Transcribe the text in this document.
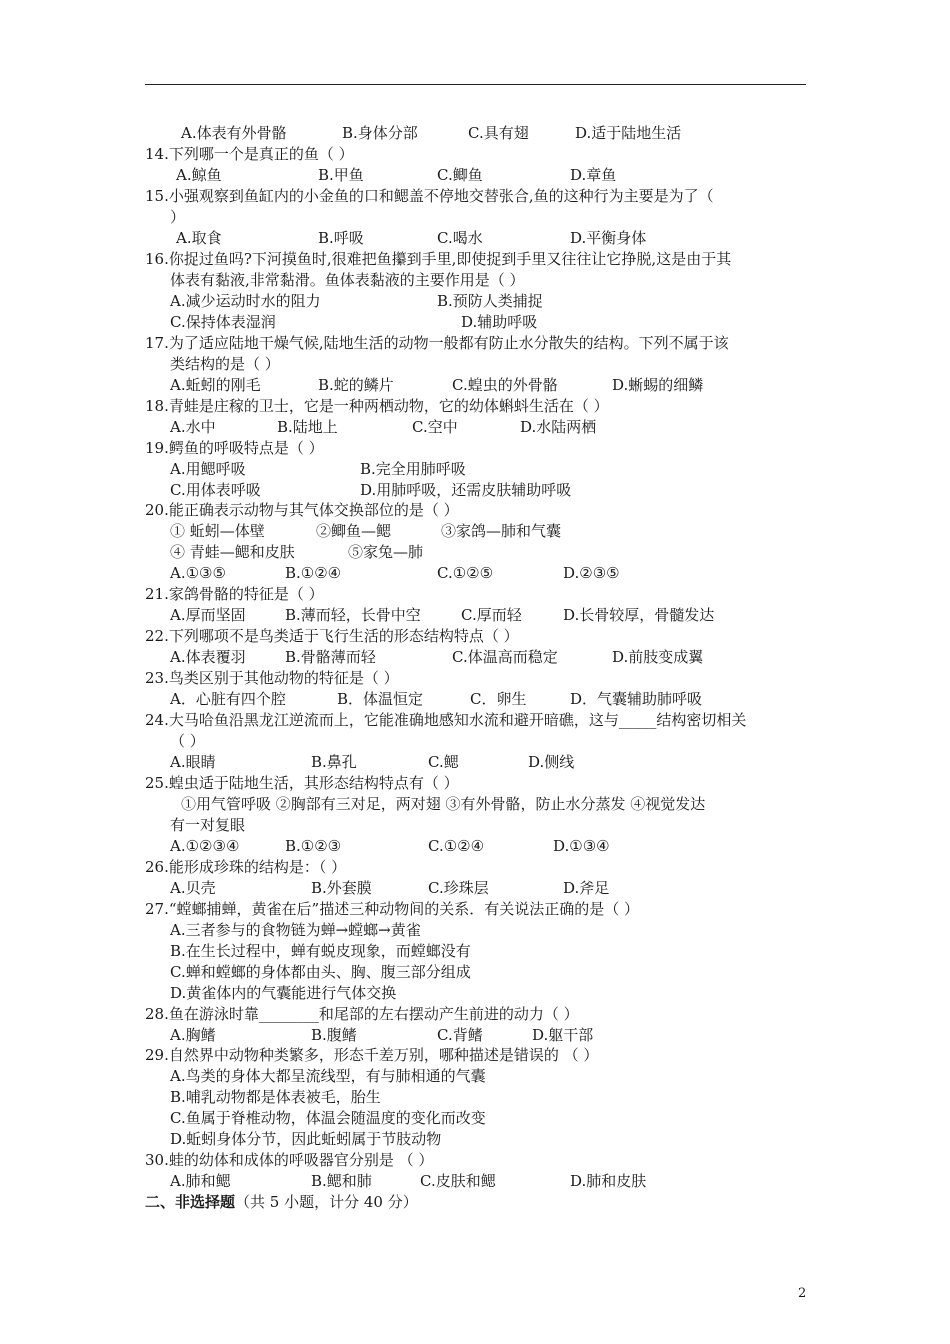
A.体表有外骨骼	B.身体分部	C.具有翅	D.适于陆地生活
14.下列哪一个是真正的鱼（ ）
A.鲸鱼	B.甲鱼	C.鲫鱼	D.章鱼
15.小强观察到鱼缸内的小金鱼的口和鳃盖不停地交替张合,鱼的这种行为主要是为了（
）
A.取食	B.呼吸	C.喝水	D.平衡身体
16.你捉过鱼吗?下河摸鱼时,很难把鱼攥到手里,即使捉到手里又往往让它挣脱,这是由于其
体表有黏液,非常黏滑。鱼体表黏液的主要作用是（ ）
A.减少运动时水的阻力	B.预防人类捕捉
C.保持体表湿润	D.辅助呼吸
17.为了适应陆地干燥气候,陆地生活的动物一般都有防止水分散失的结构。下列不属于该
类结构的是（ ）
A.蚯蚓的刚毛	B.蛇的鳞片	C.蝗虫的外骨骼	D.蜥蜴的细鳞
18.青蛙是庄稼的卫士，它是一种两栖动物，它的幼体蝌蚪生活在（ ）
A.水中	B.陆地上	C.空中	D.水陆两栖
19.鳄鱼的呼吸特点是（ ）
A.用鳃呼吸	B.完全用肺呼吸
C.用体表呼吸	D.用肺呼吸，还需皮肤辅助呼吸
20.能正确表示动物与其气体交换部位的是（ ）
① 蚯蚓—体壁	②鲫鱼—鳃	③家鸽—肺和气囊
④ 青蛙—鳃和皮肤	⑤家兔—肺
A.①③⑤	B.①②④	C.①②⑤	D.②③⑤
21.家鸽骨骼的特征是（ ）
A.厚而坚固	B.薄而轻，长骨中空	C.厚而轻	D.长骨较厚，骨髓发达
22.下列哪项不是鸟类适于飞行生活的形态结构特点（ ）
A.体表覆羽	B.骨骼薄而轻	C.体温高而稳定	D.前肢变成翼
23.鸟类区别于其他动物的特征是（ ）
A．心脏有四个腔	B．体温恒定	C．卵生	D．气囊辅助肺呼吸
24.大马哈鱼沿黑龙江逆流而上，它能准确地感知水流和避开暗礁，这与_____结构密切相关
（ ）
A.眼睛	B.鼻孔	C.鳃	D.侧线
25.蝗虫适于陆地生活，其形态结构特点有（ ）
①用气管呼吸 ②胸部有三对足，两对翅 ③有外骨骼，防止水分蒸发 ④视觉发达
有一对复眼
A.①②③④	B.①②③	C.①②④	D.①③④
26.能形成珍珠的结构是：（ ）
A.贝壳	B.外套膜	C.珍珠层	D.斧足
27.“螳螂捕蝉，黄雀在后”描述三种动物间的关系．有关说法正确的是（ ）
A.三者参与的食物链为蝉→螳螂→黄雀
B.在生长过程中，蝉有蜕皮现象，而螳螂没有
C.蝉和螳螂的身体都由头、胸、腹三部分组成
D.黄雀体内的气囊能进行气体交换
28.鱼在游泳时靠________和尾部的左右摆动产生前进的动力（ ）
A.胸鳍	B.腹鳍	C.背鳍	D.躯干部
29.自然界中动物种类繁多，形态千差万别，哪种描述是错误的 （ ）
A.鸟类的身体大都呈流线型，有与肺相通的气囊
B.哺乳动物都是体表被毛，胎生
C.鱼属于脊椎动物，体温会随温度的变化而改变
D.蚯蚓身体分节，因此蚯蚓属于节肢动物
30.蛙的幼体和成体的呼吸器官分别是 （ ）
A.肺和鳃	B.鳃和肺	C.皮肤和鳃	D.肺和皮肤
二、非选择题（共 5 小题，计分 40 分）
2
